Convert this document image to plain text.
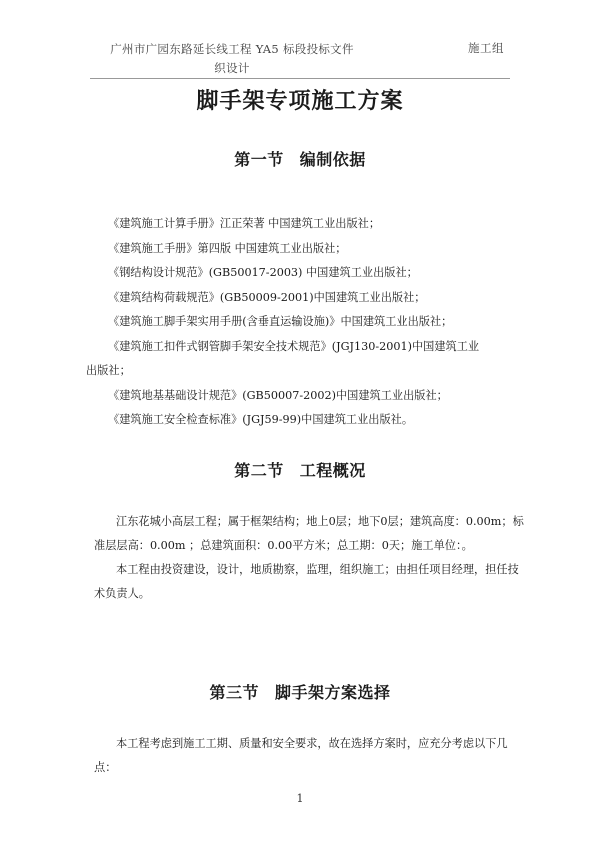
广州市广园东路延长线工程 YA5 标段投标文件
织设计
施工组
脚手架专项施工方案
第一节 编制依据
《建筑施工计算手册》江正荣著 中国建筑工业出版社；
《建筑施工手册》第四版 中国建筑工业出版社；
《钢结构设计规范》(GB50017-2003) 中国建筑工业出版社；
《建筑结构荷载规范》(GB50009-2001)中国建筑工业出版社；
《建筑施工脚手架实用手册(含垂直运输设施)》中国建筑工业出版社；
《建筑施工扣件式钢管脚手架安全技术规范》(JGJ130-2001)中国建筑工业
出版社；
《建筑地基基础设计规范》(GB50007-2002)中国建筑工业出版社；
《建筑施工安全检查标准》(JGJ59-99)中国建筑工业出版社。
第二节 工程概况
江东花城小高层工程；属于框架结构；地上0层；地下0层；建筑高度：0.00m；标准层层高：0.00m ；总建筑面积：0.00平方米；总工期：0天；施工单位：。
本工程由投资建设，设计，地质勘察，监理，组织施工；由担任项目经理，担任技术负责人。
第三节 脚手架方案选择
本工程考虑到施工工期、质量和安全要求，故在选择方案时，应充分考虑以下几点：
1
